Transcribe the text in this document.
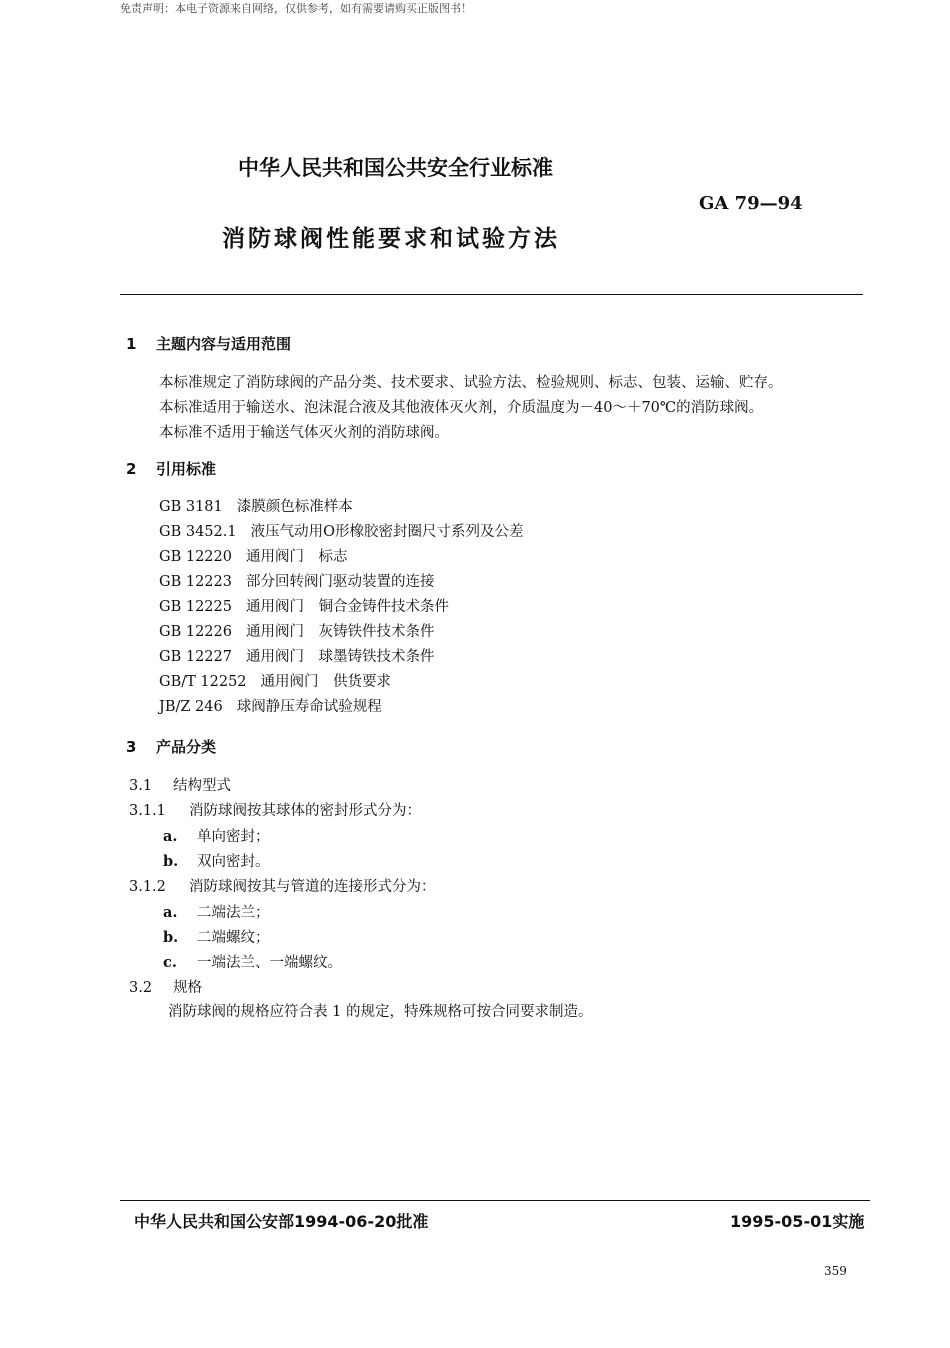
免责声明：本电子资源来自网络，仅供参考，如有需要请购买正版图书！
中华人民共和国公共安全行业标准
GA 79—94
消防球阀性能要求和试验方法
1 主题内容与适用范围
本标准规定了消防球阀的产品分类、技术要求、试验方法、检验规则、标志、包装、运输、贮存。
本标准适用于输送水、泡沫混合液及其他液体灭火剂，介质温度为－40～＋70℃的消防球阀。
本标准不适用于输送气体灭火剂的消防球阀。
2 引用标准
GB 3181 漆膜颜色标准样本
GB 3452.1 液压气动用O形橡胶密封圈尺寸系列及公差
GB 12220 通用阀门　标志
GB 12223 部分回转阀门驱动装置的连接
GB 12225 通用阀门　铜合金铸件技术条件
GB 12226 通用阀门　灰铸铁件技术条件
GB 12227 通用阀门　球墨铸铁技术条件
GB/T 12252 通用阀门　供货要求
JB/Z 246 球阀静压寿命试验规程
3 产品分类
3.1 结构型式
3.1.1 消防球阀按其球体的密封形式分为：
a. 单向密封；
b. 双向密封。
3.1.2 消防球阀按其与管道的连接形式分为：
a. 二端法兰；
b. 二端螺纹；
c. 一端法兰、一端螺纹。
3.2 规格
消防球阀的规格应符合表 1 的规定，特殊规格可按合同要求制造。
中华人民共和国公安部1994-06-20批准	1995-05-01实施
359
